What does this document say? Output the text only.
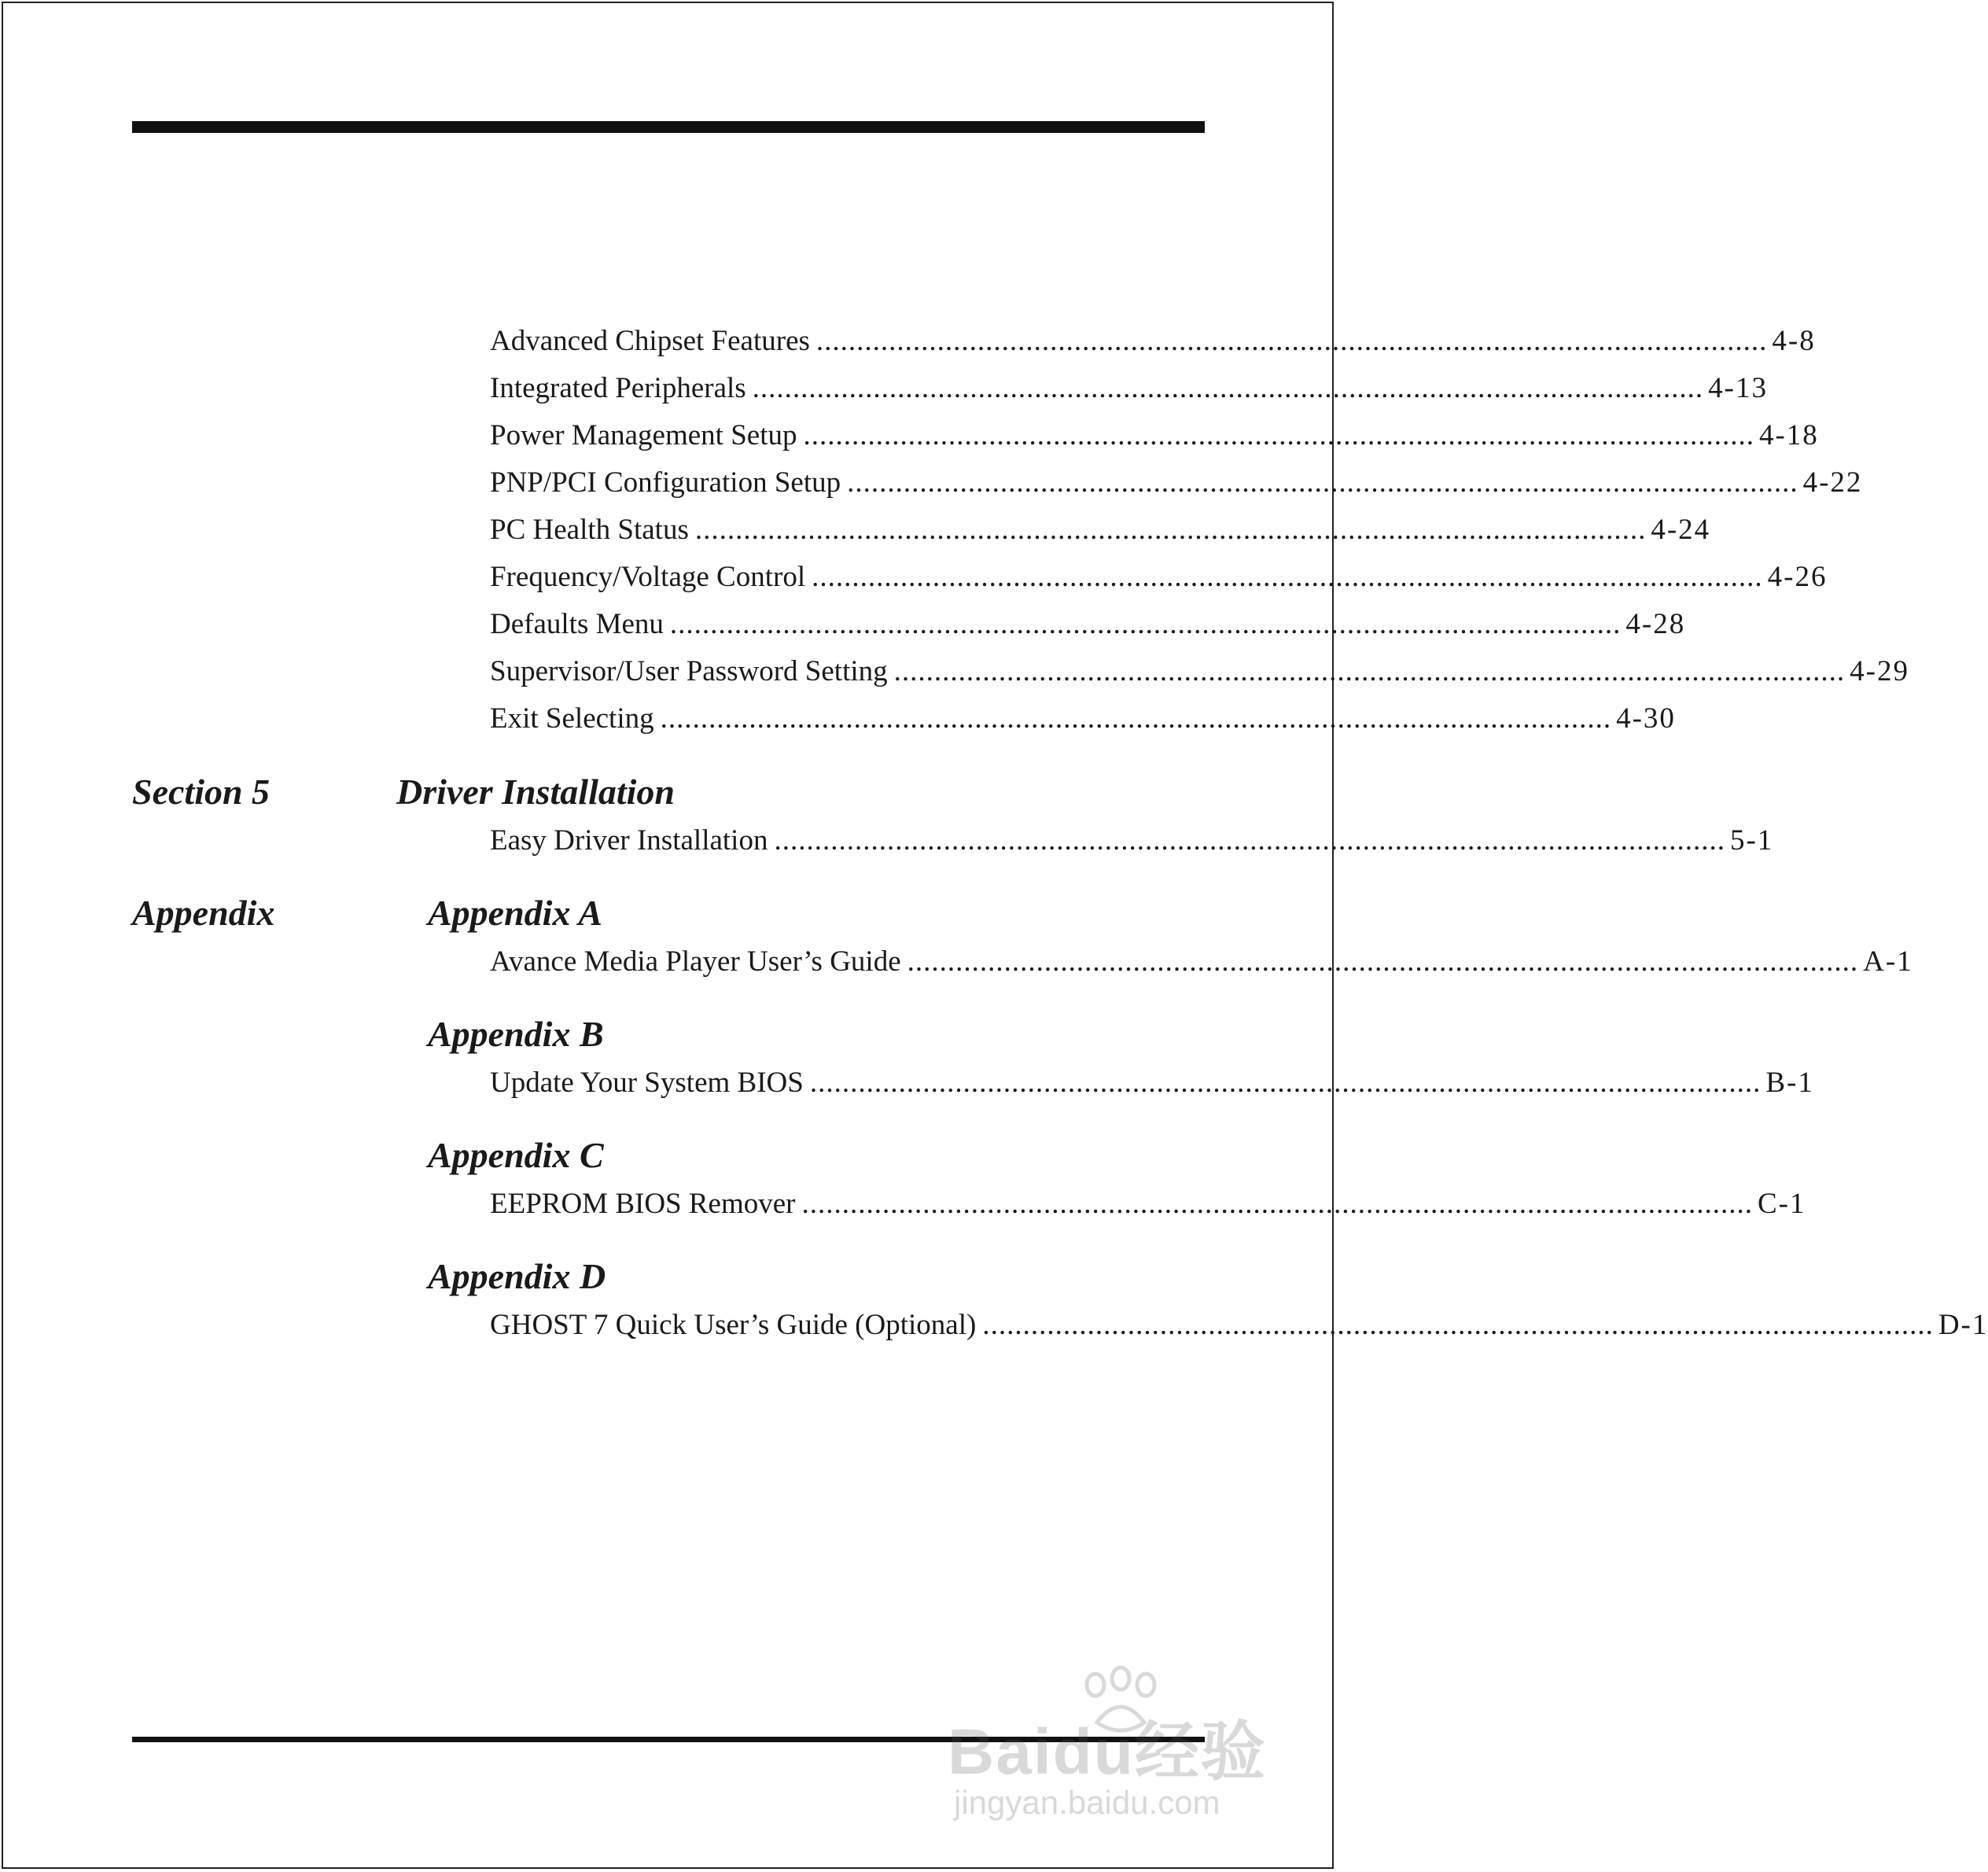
Advanced Chipset Features ...................................................................................................................... 4-8
Integrated Peripherals ...................................................................................................................... 4-13
Power Management Setup ...................................................................................................................... 4-18
PNP/PCI Configuration Setup ...................................................................................................................... 4-22
PC Health Status ...................................................................................................................... 4-24
Frequency/Voltage Control ...................................................................................................................... 4-26
Defaults Menu ...................................................................................................................... 4-28
Supervisor/User Password Setting ...................................................................................................................... 4-29
Exit Selecting ...................................................................................................................... 4-30
Section 5	Driver Installation
Easy Driver Installation ...................................................................................................................... 5-1
Appendix	Appendix A
Avance Media Player User’s Guide ...................................................................................................................... A-1
Appendix B
Update Your System BIOS ...................................................................................................................... B-1
Appendix C
EEPROM BIOS Remover ...................................................................................................................... C-1
Appendix D
GHOST 7 Quick User’s Guide (Optional) ...................................................................................................................... D-1
Baidu经验
jingyan.baidu.com
